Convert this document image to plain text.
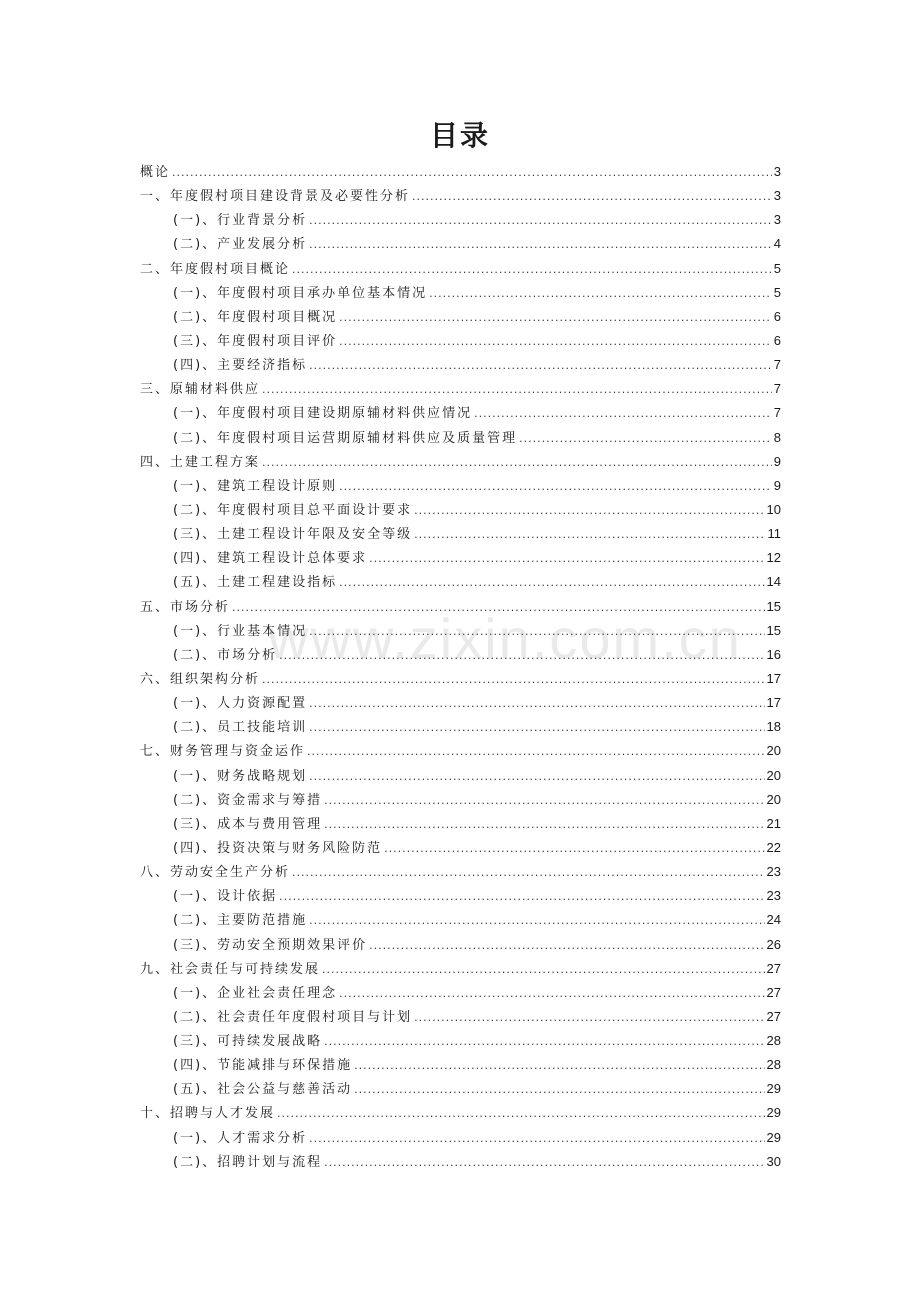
www.zixin.com.cn
目录
概论 .....	3
一、年度假村项目建设背景及必要性分析 .....	3
(一)、行业背景分析 .....	3
(二)、产业发展分析 .....	4
二、年度假村项目概论 .....	5
(一)、年度假村项目承办单位基本情况 .....	5
(二)、年度假村项目概况 .....	6
(三)、年度假村项目评价 .....	6
(四)、主要经济指标 .....	7
三、原辅材料供应 .....	7
(一)、年度假村项目建设期原辅材料供应情况 .....	7
(二)、年度假村项目运营期原辅材料供应及质量管理 .....	8
四、土建工程方案 .....	9
(一)、建筑工程设计原则 .....	9
(二)、年度假村项目总平面设计要求 .....	10
(三)、土建工程设计年限及安全等级 .....	11
(四)、建筑工程设计总体要求 .....	12
(五)、土建工程建设指标 .....	14
五、市场分析 .....	15
(一)、行业基本情况 .....	15
(二)、市场分析 .....	16
六、组织架构分析 .....	17
(一)、人力资源配置 .....	17
(二)、员工技能培训 .....	18
七、财务管理与资金运作 .....	20
(一)、财务战略规划 .....	20
(二)、资金需求与筹措 .....	20
(三)、成本与费用管理 .....	21
(四)、投资决策与财务风险防范 .....	22
八、劳动安全生产分析 .....	23
(一)、设计依据 .....	23
(二)、主要防范措施 .....	24
(三)、劳动安全预期效果评价 .....	26
九、社会责任与可持续发展 .....	27
(一)、企业社会责任理念 .....	27
(二)、社会责任年度假村项目与计划 .....	27
(三)、可持续发展战略 .....	28
(四)、节能减排与环保措施 .....	28
(五)、社会公益与慈善活动 .....	29
十、招聘与人才发展 .....	29
(一)、人才需求分析 .....	29
(二)、招聘计划与流程 .....	30
